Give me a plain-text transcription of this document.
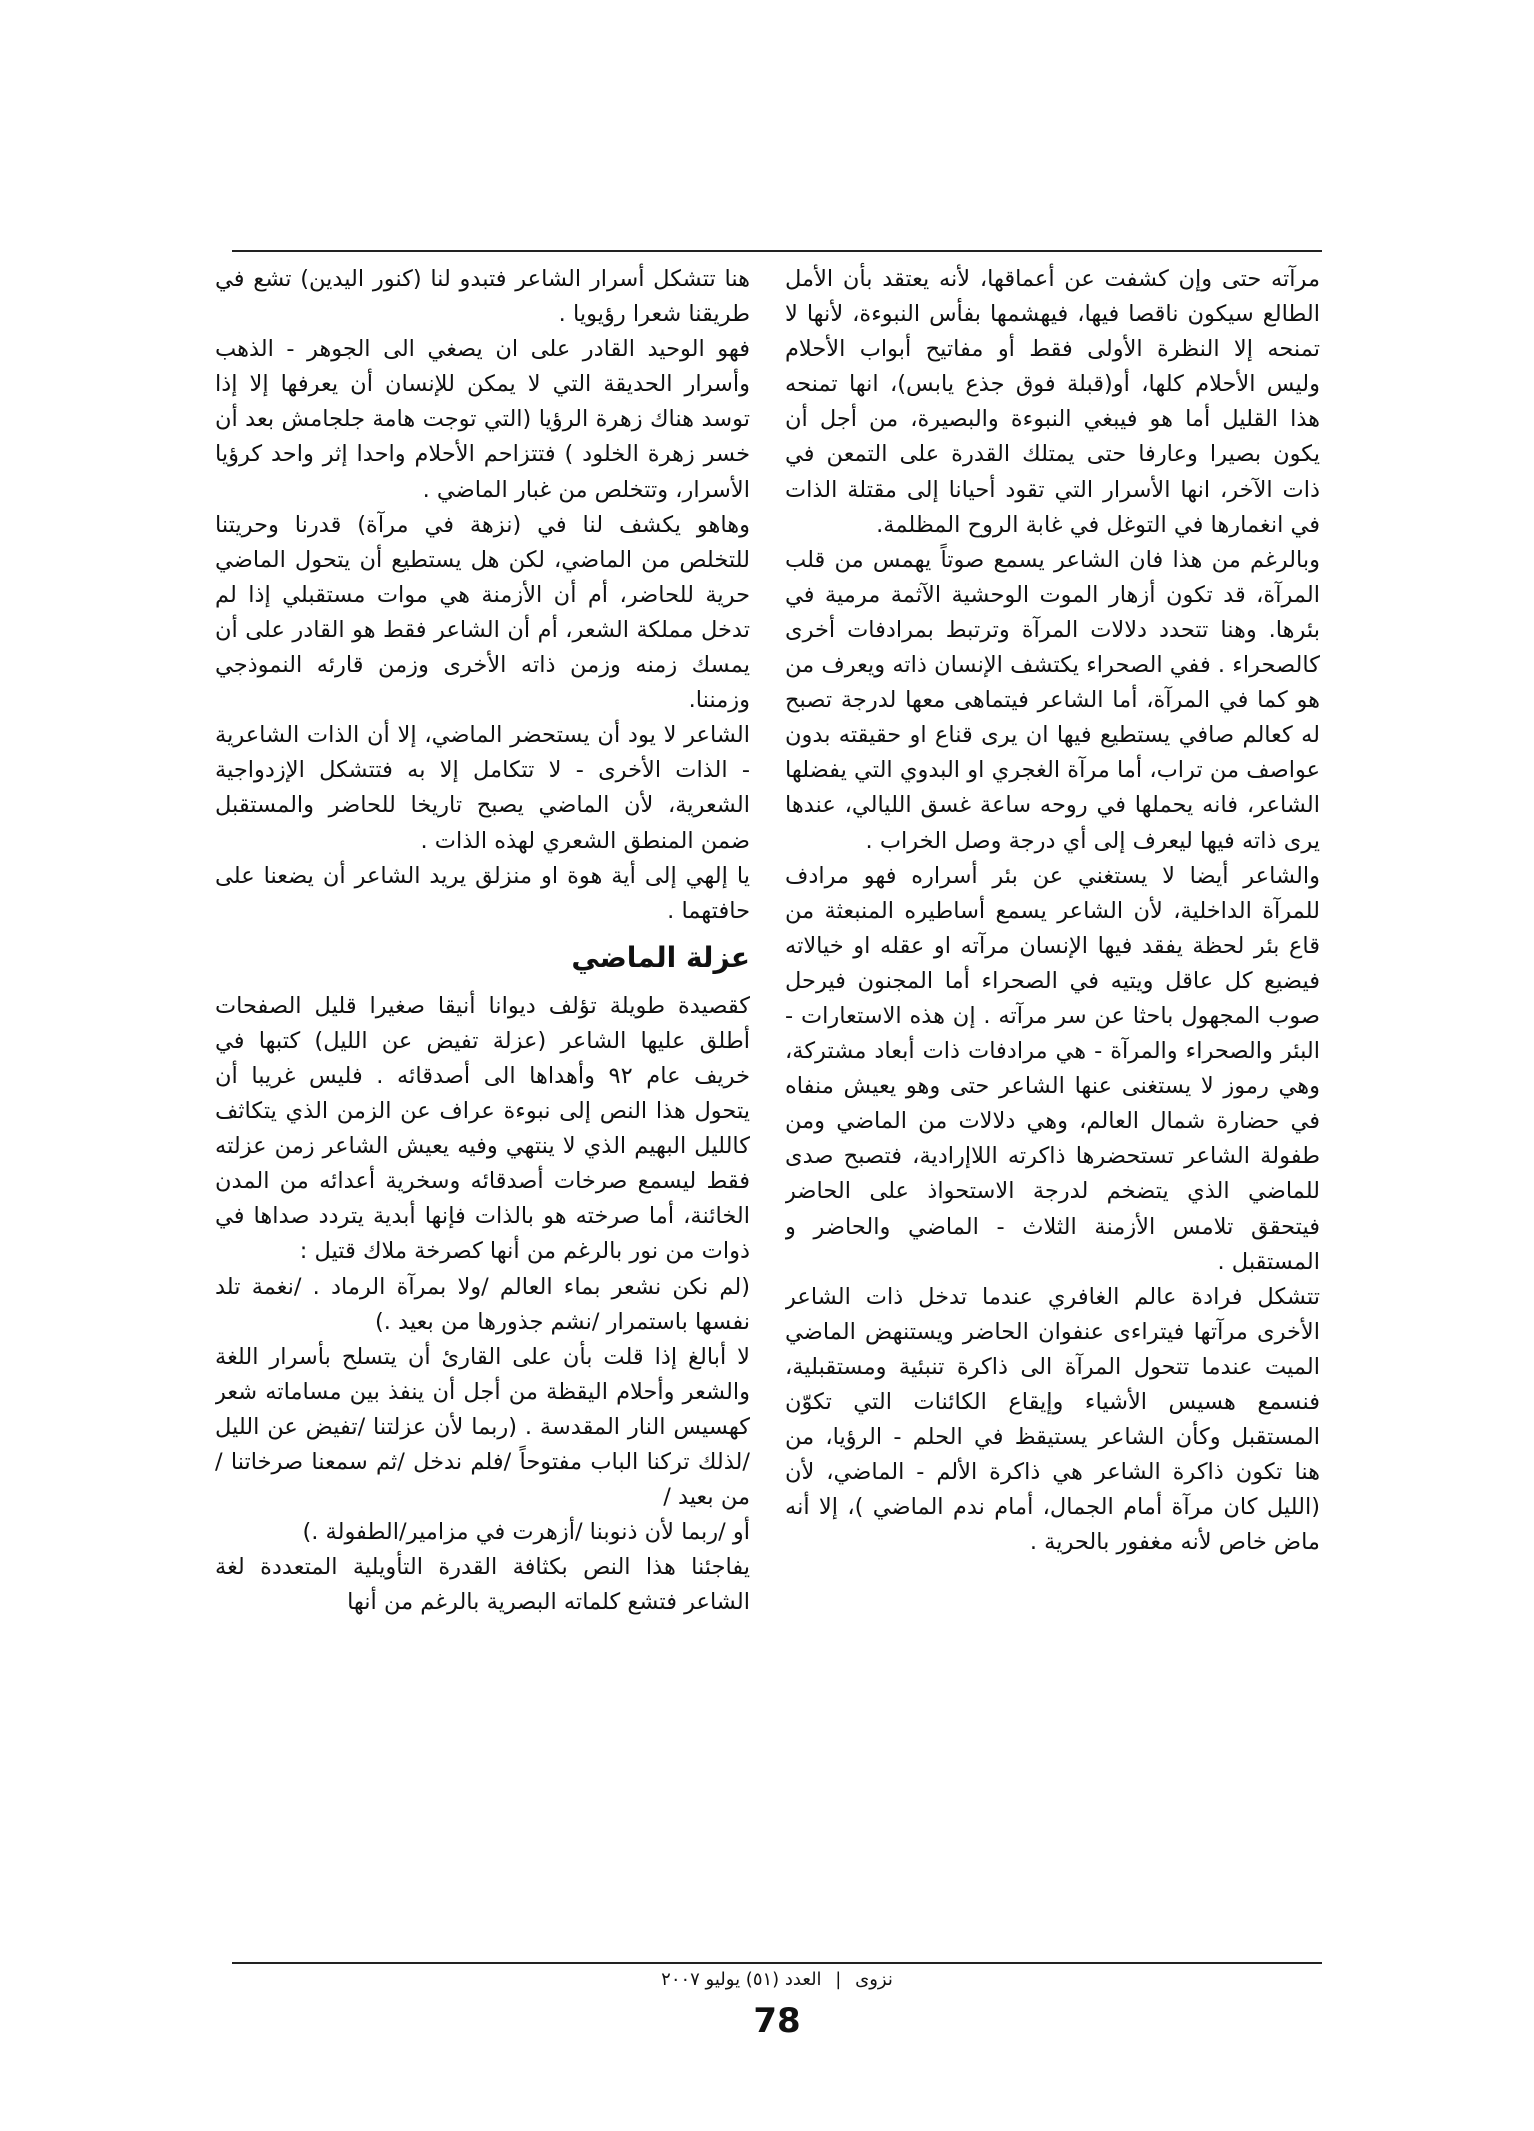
مرآته حتى وإن كشفت عن أعماقها، لأنه يعتقد بأن الأمل الطالع سيكون ناقصا فيها، فيهشمها بفأس النبوءة، لأنها لا تمنحه إلا النظرة الأولى فقط أو مفاتيح أبواب الأحلام وليس الأحلام كلها، أو(قبلة فوق جذع يابس)، انها تمنحه هذا القليل أما هو فيبغي النبوءة والبصيرة، من أجل أن يكون بصيرا وعارفا حتى يمتلك القدرة على التمعن في ذات الآخر، انها الأسرار التي تقود أحيانا إلى مقتلة الذات في انغمارها في التوغل في غابة الروح المظلمة.

وبالرغم من هذا فان الشاعر يسمع صوتاً يهمس من قلب المرآة، قد تكون أزهار الموت الوحشية الآثمة مرمية في بئرها. وهنا تتحدد دلالات المرآة وترتبط بمرادفات أخرى كالصحراء . ففي الصحراء يكتشف الإنسان ذاته ويعرف من هو كما في المرآة، أما الشاعر فيتماهى معها لدرجة تصبح له كعالم صافي يستطيع فيها ان يرى قناع او حقيقته بدون عواصف من تراب، أما مرآة الغجري او البدوي التي يفضلها الشاعر، فانه يحملها في روحه ساعة غسق الليالي، عندها يرى ذاته فيها ليعرف إلى أي درجة وصل الخراب .

والشاعر أيضا لا يستغني عن بئر أسراره فهو مرادف للمرآة الداخلية، لأن الشاعر يسمع أساطيره المنبعثة من قاع بئر لحظة يفقد فيها الإنسان مرآته او عقله او خيالاته فيضيع كل عاقل ويتيه في الصحراء أما المجنون فيرحل صوب المجهول باحثا عن سر مرآته . إن هذه الاستعارات - البئر والصحراء والمرآة - هي مرادفات ذات أبعاد مشتركة، وهي رموز لا يستغنى عنها الشاعر حتى وهو يعيش منفاه في حضارة شمال العالم، وهي دلالات من الماضي ومن طفولة الشاعر تستحضرها ذاكرته اللاإرادية، فتصبح صدى للماضي الذي يتضخم لدرجة الاستحواذ على الحاضر فيتحقق تلامس الأزمنة الثلاث - الماضي والحاضر و المستقبل .

تتشكل فرادة عالم الغافري عندما تدخل ذات الشاعر الأخرى مرآتها فيتراءى عنفوان الحاضر ويستنهض الماضي الميت عندما تتحول المرآة الى ذاكرة تنبئية ومستقبلية، فنسمع هسيس الأشياء وإيقاع الكائنات التي تكوّن المستقبل وكأن الشاعر يستيقظ في الحلم - الرؤيا، من هنا تكون ذاكرة الشاعر هي ذاكرة الألم - الماضي، لأن (الليل كان مرآة أمام الجمال، أمام ندم الماضي )، إلا أنه ماض خاص لأنه مغفور بالحرية .

هنا تتشكل أسرار الشاعر فتبدو لنا (كنور اليدين) تشع في طريقنا شعرا رؤيويا .

فهو الوحيد القادر على ان يصغي الى الجوهر - الذهب وأسرار الحديقة التي لا يمكن للإنسان أن يعرفها إلا إذا توسد هناك زهرة الرؤيا (التي توجت هامة جلجامش بعد أن خسر زهرة الخلود ) فتتزاحم الأحلام واحدا إثر واحد كرؤيا الأسرار، وتتخلص من غبار الماضي .

وهاهو يكشف لنا في (نزهة في مرآة) قدرنا وحريتنا للتخلص من الماضي، لكن هل يستطيع أن يتحول الماضي حرية للحاضر، أم أن الأزمنة هي موات مستقبلي إذا لم تدخل مملكة الشعر، أم أن الشاعر فقط هو القادر على أن يمسك زمنه وزمن ذاته الأخرى وزمن قارئه النموذجي وزمننا.

الشاعر لا يود أن يستحضر الماضي، إلا أن الذات الشاعرية - الذات الأخرى - لا تتكامل إلا به فتتشكل الإزدواجية الشعرية، لأن الماضي يصبح تاريخا للحاضر والمستقبل ضمن المنطق الشعري لهذه الذات .

يا إلهي إلى أية هوة او منزلق يريد الشاعر أن يضعنا على حافتهما .

عزلة الماضي

كقصيدة طويلة تؤلف ديوانا أنيقا صغيرا قليل الصفحات أطلق عليها الشاعر (عزلة تفيض عن الليل) كتبها في خريف عام ٩٢ وأهداها الى أصدقائه . فليس غريبا أن يتحول هذا النص إلى نبوءة عراف عن الزمن الذي يتكاثف كالليل البهيم الذي لا ينتهي وفيه يعيش الشاعر زمن عزلته فقط ليسمع صرخات أصدقائه وسخرية أعدائه من المدن الخائنة، أما صرخته هو بالذات فإنها أبدية يتردد صداها في ذوات من نور بالرغم من أنها كصرخة ملاك قتيل :

(لم نكن نشعر بماء العالم /ولا بمرآة الرماد . /نغمة تلد نفسها باستمرار /نشم جذورها من بعيد .)

لا أبالغ إذا قلت بأن على القارئ أن يتسلح بأسرار اللغة والشعر وأحلام اليقظة من أجل أن ينفذ بين مساماته شعر كهسيس النار المقدسة . (ربما لأن عزلتنا /تفيض عن الليل /لذلك تركنا الباب مفتوحاً /فلم ندخل /ثم سمعنا صرخاتنا /من بعيد /

أو /ربما لأن ذنوبنا /أزهرت في مزامير/الطفولة .)

يفاجئنا هذا النص بكثافة القدرة التأويلية المتعددة لغة الشاعر فتشع كلماته البصرية بالرغم من أنها

نزوى | العدد (٥١) يوليو ٢٠٠٧
78
